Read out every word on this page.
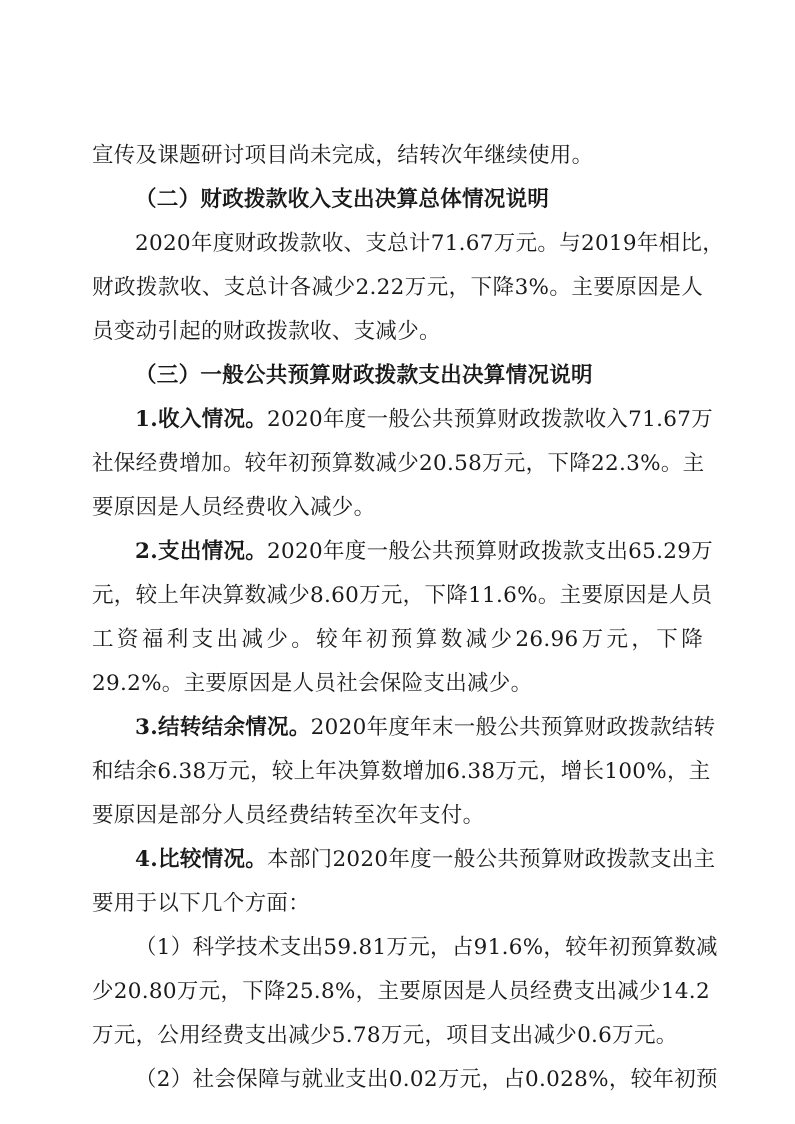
宣传及课题研讨项目尚未完成，结转次年继续使用。
（二）财政拨款收入支出决算总体情况说明
2020年度财政拨款收、支总计71.67万元。与2019年相比，
财政拨款收、支总计各减少2.22万元，下降3%。主要原因是人
员变动引起的财政拨款收、支减少。
（三）一般公共预算财政拨款支出决算情况说明
1.收入情况。2020年度一般公共预算财政拨款收入71.67万
社保经费增加。较年初预算数减少20.58万元，下降22.3%。主
要原因是人员经费收入减少。
2.支出情况。2020年度一般公共预算财政拨款支出65.29万
元，较上年决算数减少8.60万元，下降11.6%。主要原因是人员
工资福利支出减少。较年初预算数减少26.96万元，下降
29.2%。主要原因是人员社会保险支出减少。
3.结转结余情况。2020年度年末一般公共预算财政拨款结转
和结余6.38万元，较上年决算数增加6.38万元，增长100%，主
要原因是部分人员经费结转至次年支付。
4.比较情况。本部门2020年度一般公共预算财政拨款支出主
要用于以下几个方面：
（1）科学技术支出59.81万元，占91.6%，较年初预算数减
少20.80万元，下降25.8%，主要原因是人员经费支出减少14.2
万元，公用经费支出减少5.78万元，项目支出减少0.6万元。
（2）社会保障与就业支出0.02万元，占0.028%，较年初预
